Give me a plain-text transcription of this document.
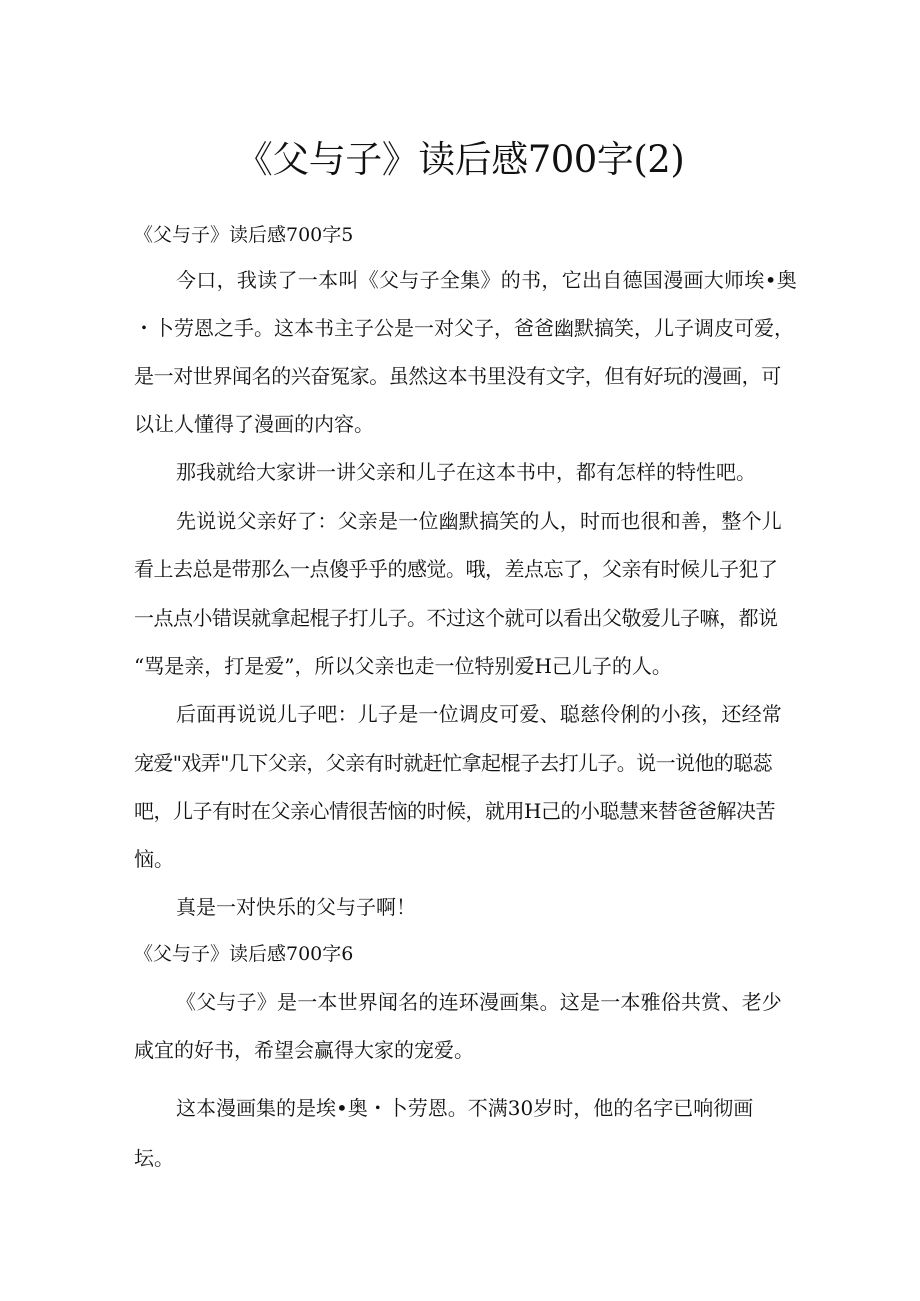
《父与子》读后感700字(2)
《父与子》读后感700字5
今口，我读了一本叫《父与子全集》的书，它出自德国漫画大师埃•奥
・卜劳恩之手。这本书主子公是一对父子，爸爸幽默搞笑，儿子调皮可爱，
是一对世界闻名的兴奋冤家。虽然这本书里没有文字，但有好玩的漫画，可
以让人懂得了漫画的内容。
那我就给大家讲一讲父亲和儿子在这本书中，都有怎样的特性吧。
先说说父亲好了：父亲是一位幽默搞笑的人，时而也很和善，整个儿
看上去总是带那么一点傻乎乎的感觉。哦，差点忘了，父亲有时候儿子犯了
一点点小错误就拿起棍子打儿子。不过这个就可以看出父敬爱儿子嘛，都说
“骂是亲，打是爱”，所以父亲也走一位特别爱H己儿子的人。
后面再说说儿子吧：儿子是一位调皮可爱、聪慈伶俐的小孩，还经常
宠爱"戏弄"几下父亲，父亲有时就赶忙拿起棍子去打儿子。说一说他的聪蕊
吧，儿子有时在父亲心情很苦恼的时候，就用H己的小聪慧来替爸爸解决苦
恼。
真是一对快乐的父与子啊！
《父与子》读后感700字6
《父与子》是一本世界闻名的连环漫画集。这是一本雅俗共赏、老少
咸宜的好书，希望会赢得大家的宠爱。
这本漫画集的是埃•奥・卜劳恩。不满30岁时，他的名字已响彻画
坛。
